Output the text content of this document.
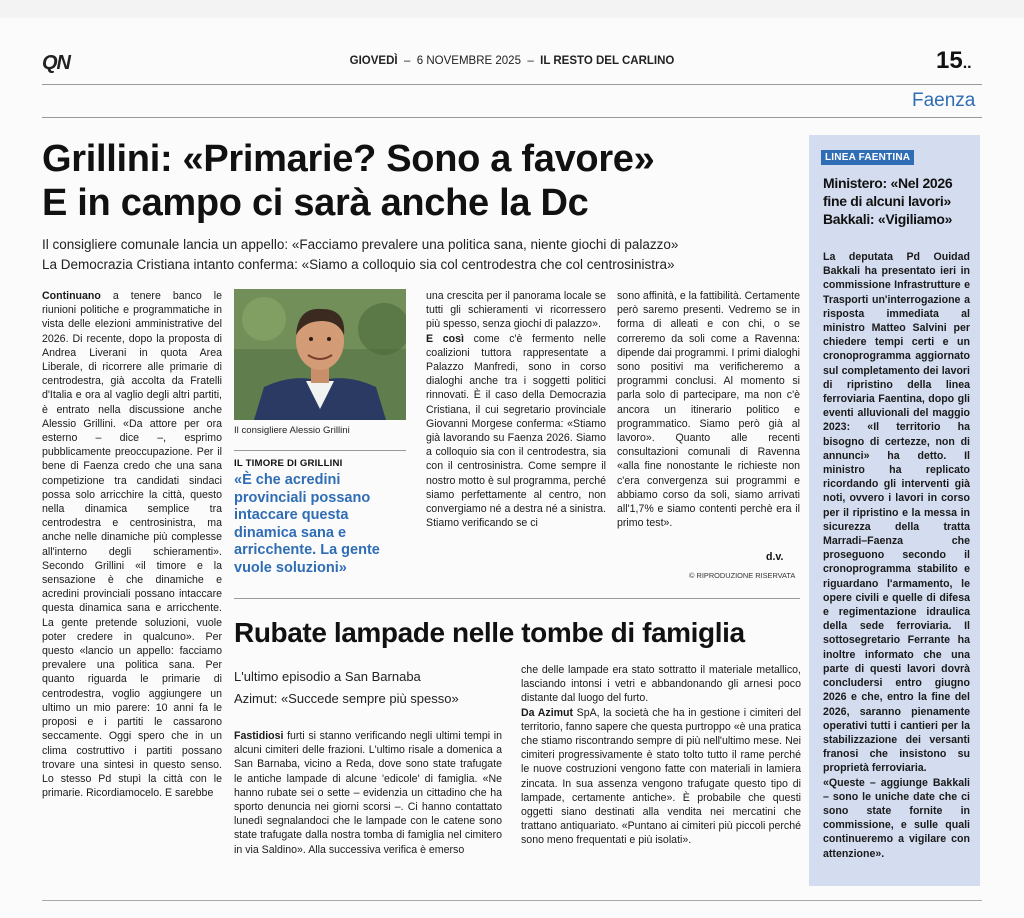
QN	GIOVEDÌ – 6 NOVEMBRE 2025  –  IL RESTO DEL CARLINO	15..
Faenza
Grillini: «Primarie? Sono a favore»
E in campo ci sarà anche la Dc
Il consigliere comunale lancia un appello: «Facciamo prevalere una politica sana, niente giochi di palazzo»
La Democrazia Cristiana intanto conferma: «Siamo a colloquio sia col centrodestra che col centrosinistra»
Continuano a tenere banco le riunioni politiche e programmatiche in vista delle elezioni amministrative del 2026. Di recente, dopo la proposta di Andrea Liverani in quota Area Liberale, di ricorrere alle primarie di centrodestra, già accolta da Fratelli d'Italia e ora al vaglio degli altri partiti, è entrato nella discussione anche Alessio Grillini. «Da attore per ora esterno – dice –, esprimo pubblicamente preoccupazione. Per il bene di Faenza credo che una sana competizione tra candidati sindaci possa solo arricchire la città, questo nella dinamica semplice tra centrodestra e centrosinistra, ma anche nelle dinamiche più complesse all'interno degli schieramenti». Secondo Grillini «il timore e la sensazione è che dinamiche e acredini provinciali possano intaccare questa dinamica sana e arricchente. La gente pretende soluzioni, vuole poter credere in qualcuno». Per questo «lancio un appello: facciamo prevalere una politica sana. Per quanto riguarda le primarie di centrodestra, voglio aggiungere un ultimo un mio parere: 10 anni fa le proposi e i partiti le cassarono seccamente. Oggi spero che in un clima costruttivo i partiti possano trovare una sintesi in questo senso. Lo stesso Pd stupì la città con le primarie. Ricordiamocelo. E sarebbe
Il consigliere Alessio Grillini
IL TIMORE DI GRILLINI
«È che acredini provinciali possano intaccare questa dinamica sana e arricchente. La gente vuole soluzioni»
una crescita per il panorama locale se tutti gli schieramenti vi ricorressero più spesso, senza giochi di palazzo».
E così come c'è fermento nelle coalizioni tuttora rappresentate a Palazzo Manfredi, sono in corso dialoghi anche tra i soggetti politici rinnovati. È il caso della Democrazia Cristiana, il cui segretario provinciale Giovanni Morgese conferma: «Stiamo già lavorando su Faenza 2026. Siamo a colloquio sia con il centrodestra, sia con il centrosinistra. Come sempre il nostro motto è sul programma, perché siamo perfettamente al centro, non convergiamo né a destra né a sinistra. Stiamo verificando se ci
sono affinità, e la fattibilità. Certamente però saremo presenti. Vedremo se in forma di alleati e con chi, o se correremo da soli come a Ravenna: dipende dai programmi. I primi dialoghi sono positivi ma verificheremo a programmi conclusi. Al momento si parla solo di partecipare, ma non c'è ancora un itinerario politico e programmatico. Siamo però già al lavoro». Quanto alle recenti consultazioni comunali di Ravenna «alla fine nonostante le richieste non c'era convergenza sui programmi e abbiamo corso da soli, siamo arrivati all'1,7% e siamo contenti perchè era il primo test».
d.v.
© RIPRODUZIONE RISERVATA
Rubate lampade nelle tombe di famiglia
L'ultimo episodio a San Barnaba
Azimut: «Succede sempre più spesso»
Fastidiosi furti si stanno verificando negli ultimi tempi in alcuni cimiteri delle frazioni. L'ultimo risale a domenica a San Barnaba, vicino a Reda, dove sono state trafugate le antiche lampade di alcune 'edicole' di famiglia. «Ne hanno rubate sei o sette – evidenzia un cittadino che ha sporto denuncia nei giorni scorsi –. Ci hanno contattato lunedì segnalandoci che le lampade con le catene sono state trafugate dalla nostra tomba di famiglia nel cimitero in via Saldino». Alla successiva verifica è emerso
che delle lampade era stato sottratto il materiale metallico, lasciando intonsi i vetri e abbandonando gli arnesi poco distante dal luogo del furto.
Da Azimut SpA, la società che ha in gestione i cimiteri del territorio, fanno sapere che questa purtroppo «è una pratica che stiamo riscontrando sempre di più nell'ultimo mese. Nei cimiteri progressivamente è stato tolto tutto il rame perché le nuove costruzioni vengono fatte con materiali in lamiera zincata. In sua assenza vengono trafugate questo tipo di lampade, certamente antiche». È probabile che questi oggetti siano destinati alla vendita nei mercatini che trattano antiquariato. «Puntano ai cimiteri più piccoli perché sono meno frequentati e più isolati».
LINEA FAENTINA
Ministero: «Nel 2026 fine di alcuni lavori» Bakkali: «Vigiliamo»
La deputata Pd Ouidad Bakkali ha presentato ieri in commissione Infrastrutture e Trasporti un'interrogazione a risposta immediata al ministro Matteo Salvini per chiedere tempi certi e un cronoprogramma aggiornato sul completamento dei lavori di ripristino della linea ferroviaria Faentina, dopo gli eventi alluvionali del maggio 2023: «Il territorio ha bisogno di certezze, non di annunci» ha detto. Il ministro ha replicato ricordando gli interventi già noti, ovvero i lavori in corso per il ripristino e la messa in sicurezza della tratta Marradi–Faenza che proseguono secondo il cronoprogramma stabilito e riguardano l'armamento, le opere civili e quelle di difesa e regimentazione idraulica della sede ferroviaria. Il sottosegretario Ferrante ha inoltre informato che una parte di questi lavori dovrà concludersi entro giugno 2026 e che, entro la fine del 2026, saranno pienamente operativi tutti i cantieri per la stabilizzazione dei versanti franosi che insistono su proprietà ferroviaria.
«Queste – aggiunge Bakkali – sono le uniche date che ci sono state fornite in commissione, e sulle quali continueremo a vigilare con attenzione».
